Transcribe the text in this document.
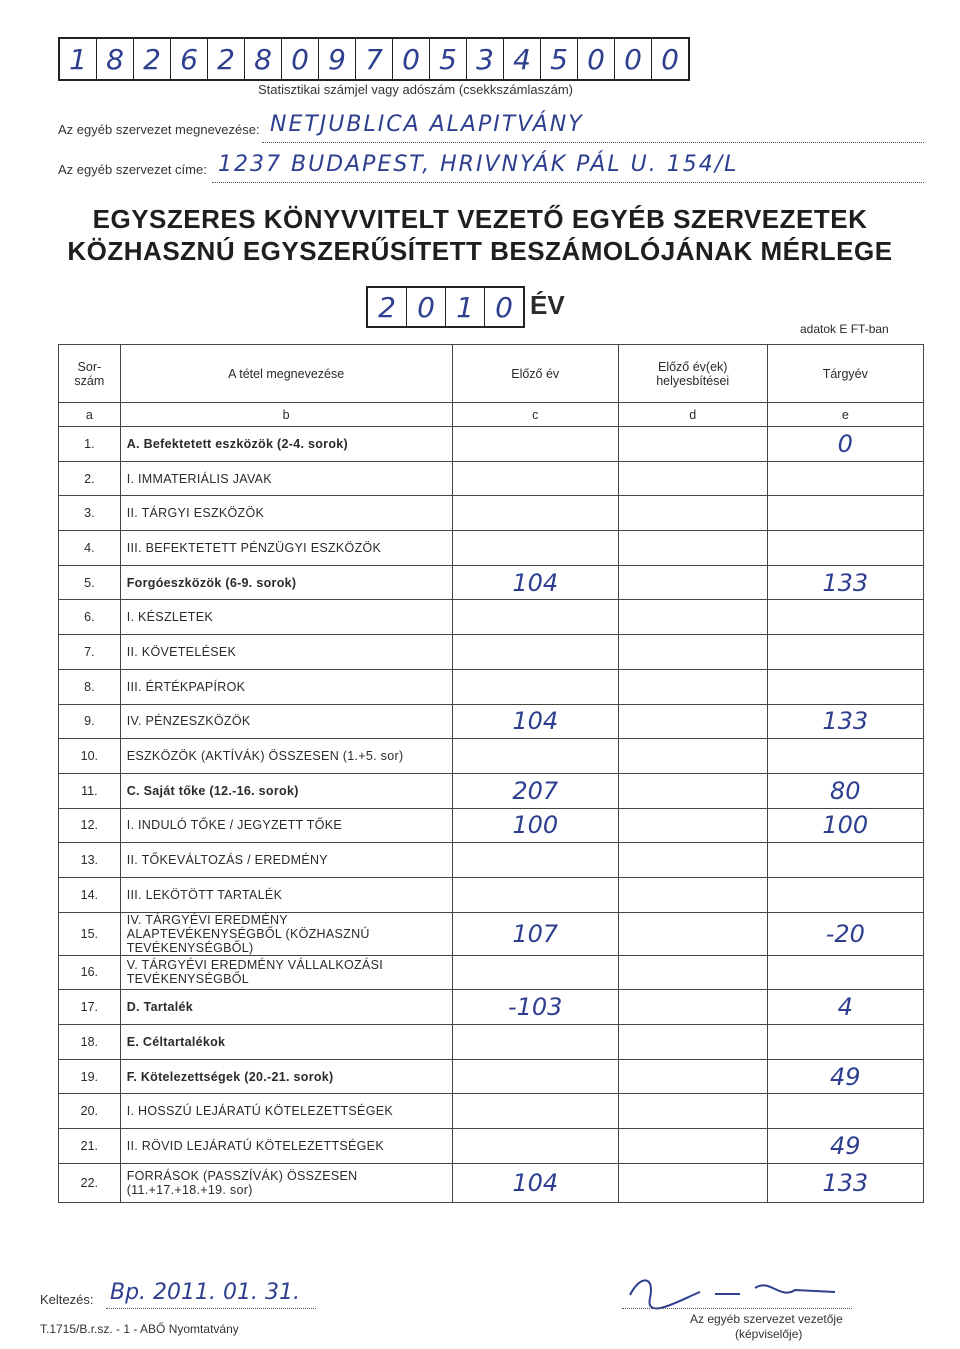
1 8 2 6 2 8 0 9 7 0 5 3 4 5 0 0 0
Statisztikai számjel vagy adószám (csekkszámlaszám)
Az egyéb szervezet megnevezése: NETJUBLICA ALAPITVÁNY
Az egyéb szervezet címe: 1237 BUDAPEST, HRIVNYÁK PÁL U. 154/L
EGYSZERES KÖNYVVITELT VEZETŐ EGYÉB SZERVEZETEK
KÖZHASZNÚ EGYSZERŰSÍTETT BESZÁMOLÓJÁNAK MÉRLEGE
2 0 1 0 ÉV
adatok E FT-ban
Sor-szám	A tétel megnevezése	Előző év	Előző év(ek) helyesbítései	Tárgyév
a	b	c	d	e
1.	A. Befektetett eszközök (2-4. sorok)			0
2.	I. IMMATERIÁLIS JAVAK			
3.	II. TÁRGYI ESZKÖZÖK			
4.	III. BEFEKTETETT PÉNZÜGYI ESZKÖZÖK			
5.	Forgóeszközök (6-9. sorok)	104		133
6.	I. KÉSZLETEK			
7.	II. KÖVETELÉSEK			
8.	III. ÉRTÉKPAPÍROK			
9.	IV. PÉNZESZKÖZÖK	104		133
10.	ESZKÖZÖK (AKTÍVÁK) ÖSSZESEN (1.+5. sor)			
11.	C. Saját tőke (12.-16. sorok)	207		80
12.	I. INDULÓ TŐKE / JEGYZETT TŐKE	100		100
13.	II. TŐKEVÁLTOZÁS / EREDMÉNY			
14.	III. LEKÖTÖTT TARTALÉK			
15.	IV. TÁRGYÉVI EREDMÉNY ALAPTEVÉKENYSÉGBŐL (KÖZHASZNÚ TEVÉKENYSÉGBŐL)	107		-20
16.	V. TÁRGYÉVI EREDMÉNY VÁLLALKOZÁSI TEVÉKENYSÉGBŐL			
17.	D. Tartalék	-103		4
18.	E. Céltartalékok			
19.	F. Kötelezettségek (20.-21. sorok)			49
20.	I. HOSSZÚ LEJÁRATÚ KÖTELEZETTSÉGEK			
21.	II. RÖVID LEJÁRATÚ KÖTELEZETTSÉGEK			49
22.	FORRÁSOK (PASSZÍVÁK) ÖSSZESEN (11.+17.+18.+19. sor)	104		133
Keltezés: Bp. 2011. 01. 31.
Az egyéb szervezet vezetője
(képviselője)
T.1715/B.r.sz. - 1 - ABŐ Nyomtatvány
